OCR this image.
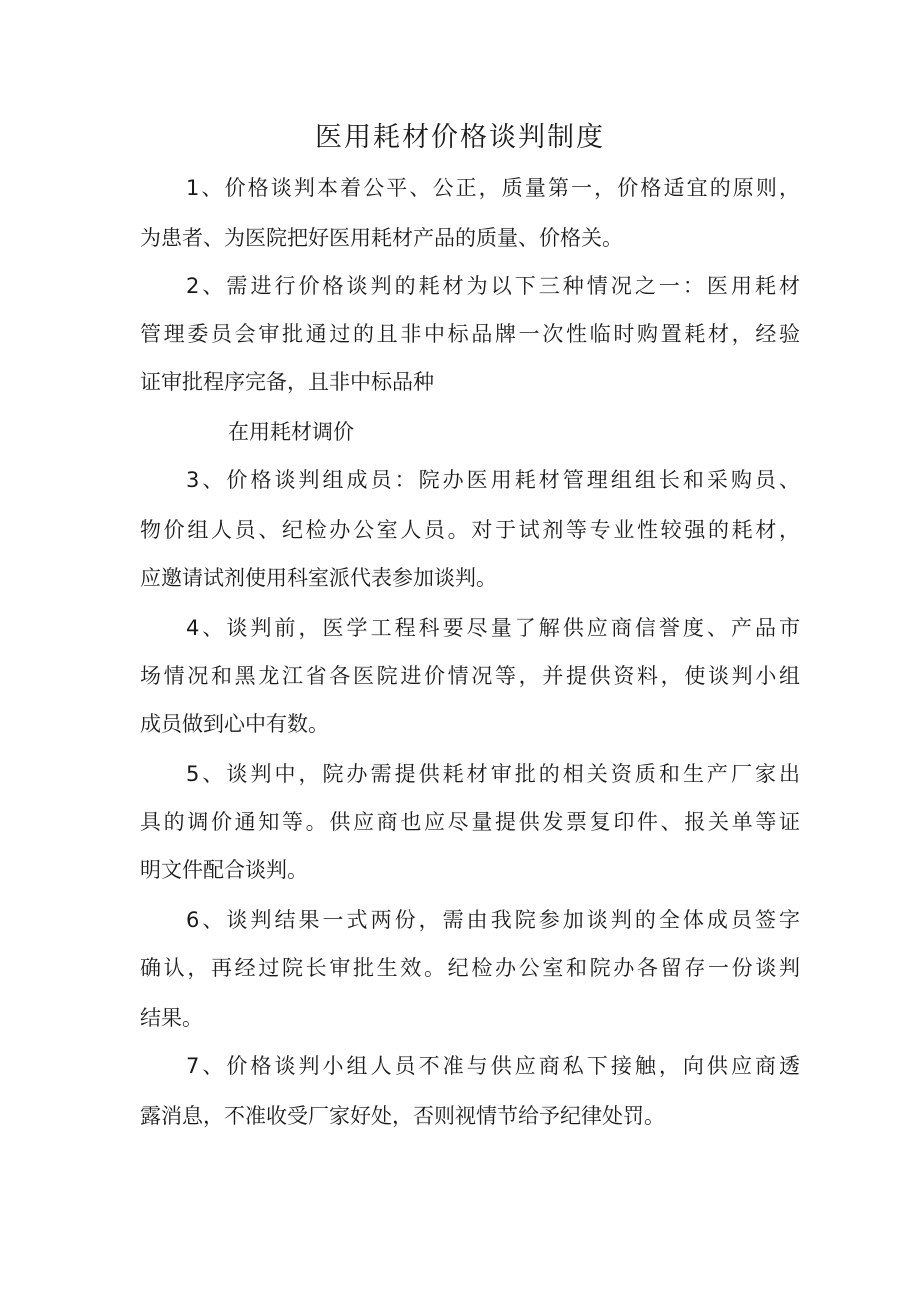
医用耗材价格谈判制度

1、价格谈判本着公平、公正，质量第一，价格适宜的原则，

为患者、为医院把好医用耗材产品的质量、价格关。

2、需进行价格谈判的耗材为以下三种情况之一：医用耗材

管理委员会审批通过的且非中标品牌一次性临时购置耗材，经验

证审批程序完备，且非中标品种

在用耗材调价

3、价格谈判组成员：院办医用耗材管理组组长和采购员、

物价组人员、纪检办公室人员。对于试剂等专业性较强的耗材，

应邀请试剂使用科室派代表参加谈判。

4、谈判前，医学工程科要尽量了解供应商信誉度、产品市

场情况和黑龙江省各医院进价情况等，并提供资料，使谈判小组

成员做到心中有数。

5、谈判中，院办需提供耗材审批的相关资质和生产厂家出

具的调价通知等。供应商也应尽量提供发票复印件、报关单等证

明文件配合谈判。

6、谈判结果一式两份，需由我院参加谈判的全体成员签字

确认，再经过院长审批生效。纪检办公室和院办各留存一份谈判

结果。

7、价格谈判小组人员不准与供应商私下接触，向供应商透

露消息，不准收受厂家好处，否则视情节给予纪律处罚。
